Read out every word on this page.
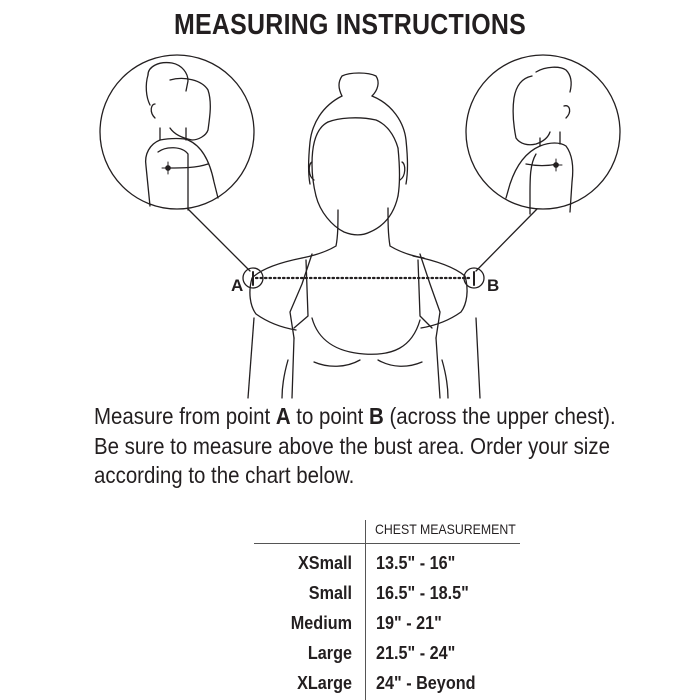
MEASURING INSTRUCTIONS
A	B
Measure from point A to point B (across the upper chest).
Be sure to measure above the bust area. Order your size
according to the chart below.
CHEST MEASUREMENT
XSmall 13.5" - 16"
Small 16.5" - 18.5"
Medium 19" - 21"
Large 21.5" - 24"
XLarge 24" - Beyond
